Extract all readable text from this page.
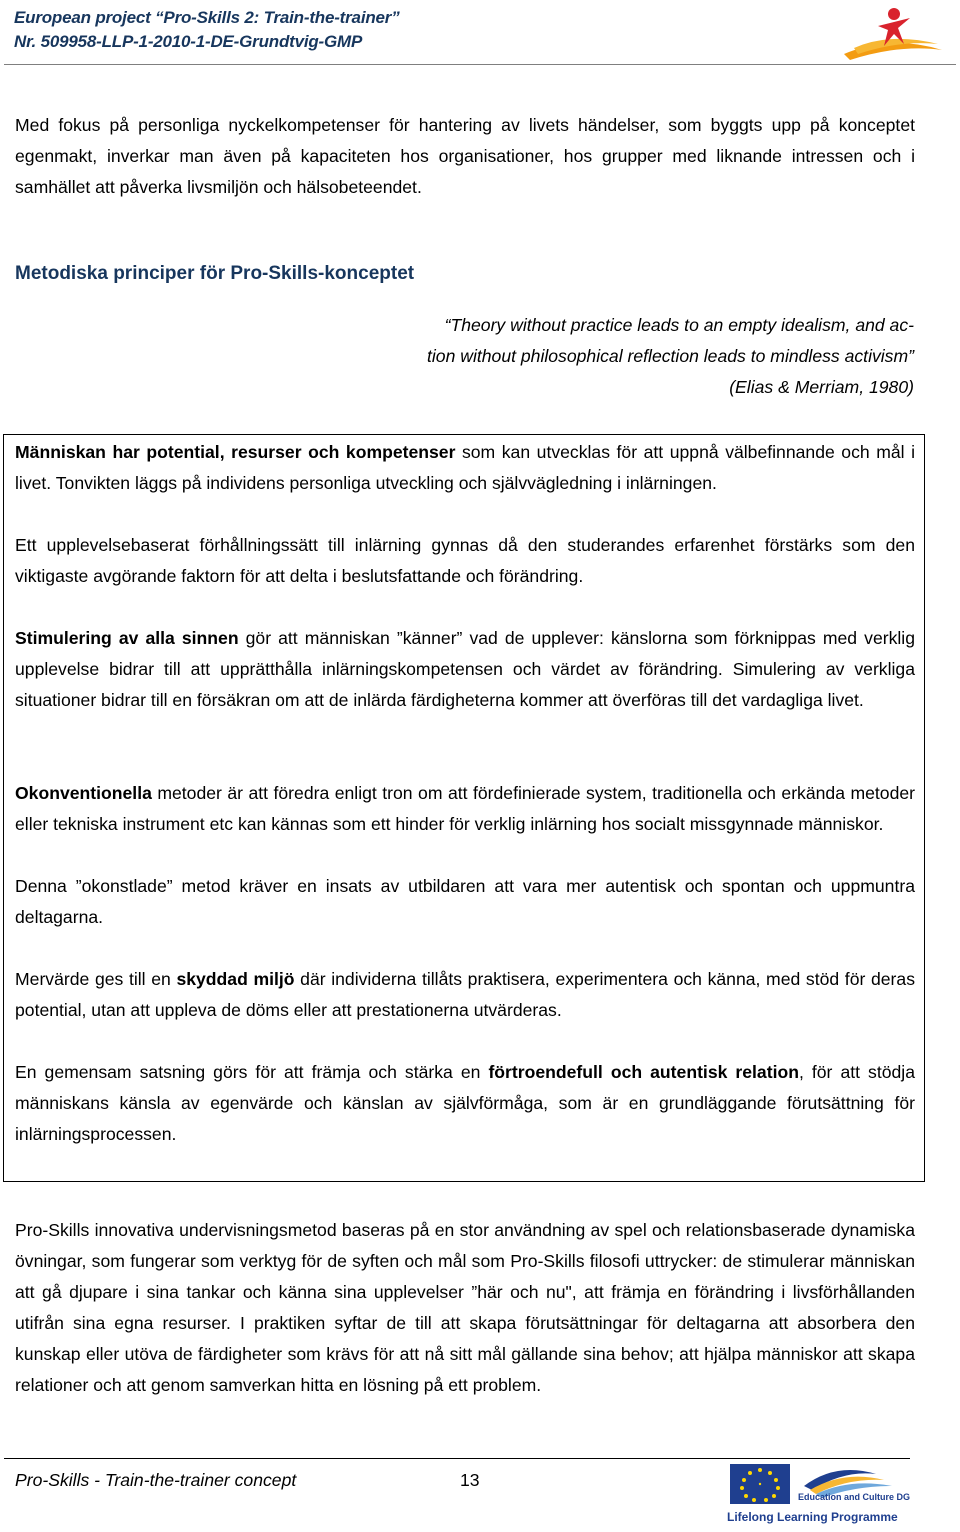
European project “Pro-Skills 2: Train-the-trainer”
Nr. 509958-LLP-1-2010-1-DE-Grundtvig-GMP
Med fokus på personliga nyckelkompetenser för hantering av livets händelser, som byggts upp på konceptet egenmakt, inverkar man även på kapaciteten hos organisationer, hos grupper med liknande intressen och i samhället att påverka livsmiljön och hälsobeteendet.
Metodiska principer för Pro-Skills-konceptet
“Theory without practice leads to an empty idealism, and ac-
tion without philosophical reflection leads to mindless activism”
(Elias & Merriam, 1980)
Människan har potential, resurser och kompetenser som kan utvecklas för att uppnå välbefinnande och mål i livet. Tonvikten läggs på individens personliga utveckling och självvägledning i inlärningen.
Ett upplevelsebaserat förhållningssätt till inlärning gynnas då den studerandes erfarenhet förstärks som den viktigaste avgörande faktorn för att delta i beslutsfattande och förändring.
Stimulering av alla sinnen gör att människan ”känner” vad de upplever: känslorna som förknippas med verklig upplevelse bidrar till att upprätthålla inlärningskompetensen och värdet av förändring. Simulering av verkliga situationer bidrar till en försäkran om att de inlärda färdigheterna kommer att överföras till det vardagliga livet.
Okonventionella metoder är att föredra enligt tron om att fördefinierade system, traditionella och erkända metoder eller tekniska instrument etc kan kännas som ett hinder för verklig inlärning hos socialt missgynnade människor.
Denna ”okonstlade” metod kräver en insats av utbildaren att vara mer autentisk och spontan och uppmuntra deltagarna.
Mervärde ges till en skyddad miljö där individerna tillåts praktisera, experimentera och känna, med stöd för deras potential, utan att uppleva de döms eller att prestationerna utvärderas.
En gemensam satsning görs för att främja och stärka en förtroendefull och autentisk relation, för att stödja människans känsla av egenvärde och känslan av självförmåga, som är en grundläggande förutsättning för inlärningsprocessen.
Pro-Skills innovativa undervisningsmetod baseras på en stor användning av spel och relationsbaserade dynamiska övningar, som fungerar som verktyg för de syften och mål som Pro-Skills filosofi uttrycker: de stimulerar människan att gå djupare i sina tankar och känna sina upplevelser ”här och nu", att främja en förändring i livsförhållanden utifrån sina egna resurser. I praktiken syftar de till att skapa förutsättningar för deltagarna att absorbera den kunskap eller utöva de färdigheter som krävs för att nå sitt mål gällande sina behov; att hjälpa människor att skapa relationer och att genom samverkan hitta en lösning på ett problem.
Pro-Skills - Train-the-trainer concept	13
Education and Culture DG
Lifelong Learning Programme
